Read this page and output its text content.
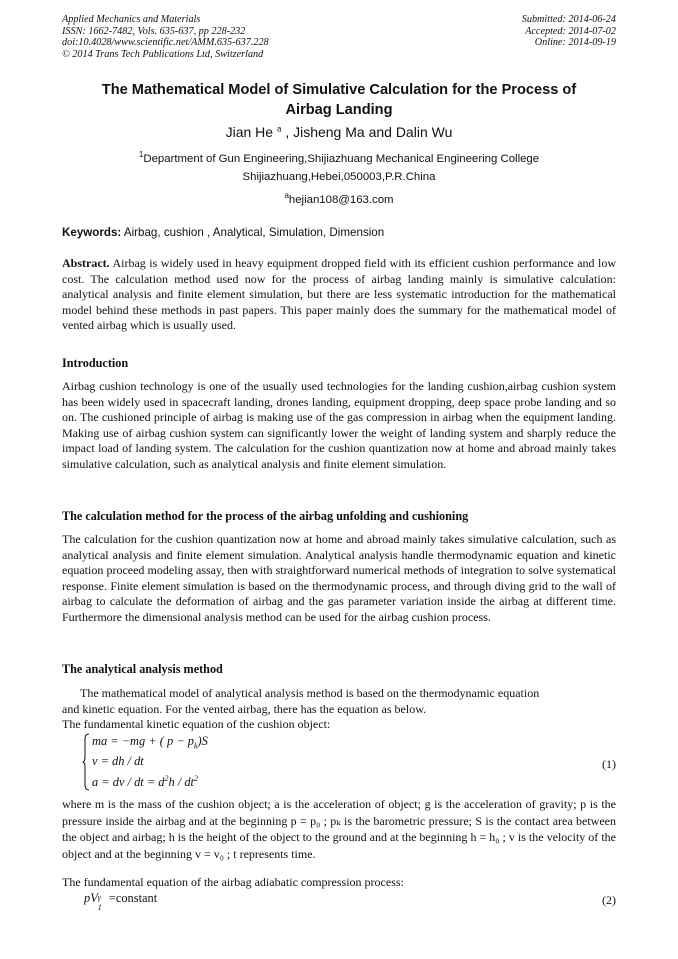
Applied Mechanics and Materials
ISSN: 1662-7482, Vols. 635-637, pp 228-232
doi:10.4028/www.scientific.net/AMM.635-637.228
© 2014 Trans Tech Publications Ltd, Switzerland
Submitted: 2014-06-24
Accepted: 2014-07-02
Online: 2014-09-19
The Mathematical Model of Simulative Calculation for the Process of
Airbag Landing
Jian He $^a$ , Jisheng Ma and Dalin Wu
$^1$Department of Gun Engineering,Shijiazhuang Mechanical Engineering College
Shijiazhuang,Hebei,050003,P.R.China
$^a$hejian108@163.com
Keywords: Airbag, cushion , Analytical, Simulation, Dimension
Abstract. Airbag is widely used in heavy equipment dropped field with its efficient cushion performance and low cost. The calculation method used now for the process of airbag landing mainly is simulative calculation: analytical analysis and finite element simulation, but there are less systematic introduction for the mathematical model behind these methods in past papers. This paper mainly does the summary for the mathematical model of vented airbag which is usually used.
Introduction
Airbag cushion technology is one of the usually used technologies for the landing cushion,airbag cushion system has been widely used in spacecraft landing, drones landing, equipment dropping, deep space probe landing and so on. The cushioned principle of airbag is making use of the gas compression in airbag when the equipment landing. Making use of airbag cushion system can significantly lower the weight of landing system and sharply reduce the impact load of landing system. The calculation for the cushion quantization now at home and abroad mainly takes simulative calculation, such as analytical analysis and finite element simulation.
The calculation method for the process of the airbag unfolding and cushioning
The calculation for the cushion quantization now at home and abroad mainly takes simulative calculation, such as analytical analysis and finite element simulation. Analytical analysis handle thermodynamic equation and kinetic equation proceed modeling assay, then with straightforward numerical methods of integration to solve systematical response. Finite element simulation is based on the thermodynamic process, and through diving grid to the wall of airbag to calculate the deformation of airbag and the gas parameter variation inside the airbag at different time. Furthermore the dimensional analysis method can be used for the airbag cushion process.
The analytical analysis method
The mathematical model of analytical analysis method is based on the thermodynamic equation
and kinetic equation. For the vented airbag, there has the equation as below.
The fundamental kinetic equation of the cushion object:
ma = −mg + ( $p - p_k)S$
v = dh / dt
a = dv / dt = $d^2h / dt^2$
(1)
where m is the mass of the cushion object; a is the acceleration of object; g is the acceleration of gravity; p is the pressure inside the airbag and at the beginning p = p₀ ; pₖ is the barometric pressure; S is the contact area between the object and airbag; h is the height of the object to the ground and at the beginning h = h₀ ; v is the velocity of the object and at the beginning v = v₀ ; t represents time.
The fundamental equation of the airbag adiabatic compression process:
pV γ
1
=constant	(2)
